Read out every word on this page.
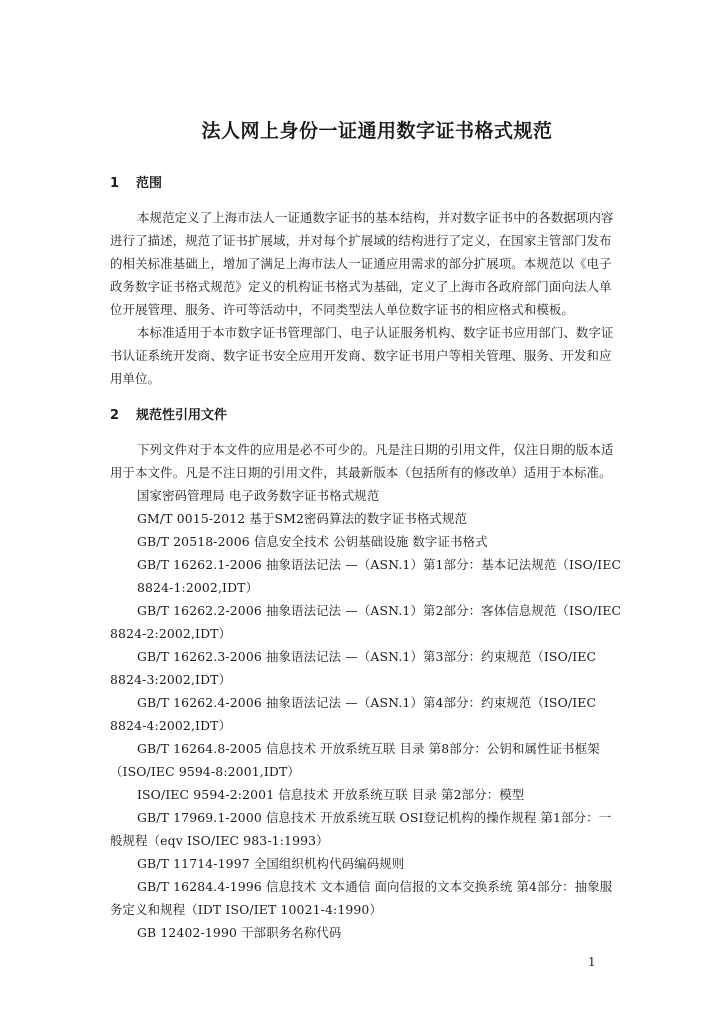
法人网上身份一证通用数字证书格式规范
1 范围
本规范定义了上海市法人一证通数字证书的基本结构，并对数字证书中的各数据项内容
进行了描述，规范了证书扩展域，并对每个扩展域的结构进行了定义，在国家主管部门发布
的相关标准基础上，增加了满足上海市法人一证通应用需求的部分扩展项。本规范以《电子
政务数字证书格式规范》定义的机构证书格式为基础，定义了上海市各政府部门面向法人单
位开展管理、服务、许可等活动中，不同类型法人单位数字证书的相应格式和模板。
本标准适用于本市数字证书管理部门、电子认证服务机构、数字证书应用部门、数字证
书认证系统开发商、数字证书安全应用开发商、数字证书用户等相关管理、服务、开发和应
用单位。
2 规范性引用文件
下列文件对于本文件的应用是必不可少的。凡是注日期的引用文件，仅注日期的版本适
用于本文件。凡是不注日期的引用文件，其最新版本（包括所有的修改单）适用于本标准。
国家密码管理局 电子政务数字证书格式规范
GM/T 0015-2012 基于SM2密码算法的数字证书格式规范
GB/T 20518-2006 信息安全技术 公钥基础设施 数字证书格式
GB/T 16262.1-2006 抽象语法记法 —（ASN.1）第1部分：基本记法规范（ISO/IEC
8824-1:2002,IDT）
GB/T 16262.2-2006 抽象语法记法 —（ASN.1）第2部分：客体信息规范（ISO/IEC
8824-2:2002,IDT）
GB/T 16262.3-2006 抽象语法记法 —（ASN.1）第3部分：约束规范（ISO/IEC
8824-3:2002,IDT）
GB/T 16262.4-2006 抽象语法记法 —（ASN.1）第4部分：约束规范（ISO/IEC
8824-4:2002,IDT）
GB/T 16264.8-2005 信息技术 开放系统互联 目录 第8部分：公钥和属性证书框架
（ISO/IEC 9594-8:2001,IDT）
ISO/IEC 9594-2:2001 信息技术 开放系统互联 目录 第2部分：模型
GB/T 17969.1-2000 信息技术 开放系统互联 OSI登记机构的操作规程 第1部分：一
般规程（eqv ISO/IEC 983-1:1993）
GB/T 11714-1997 全国组织机构代码编码规则
GB/T 16284.4-1996 信息技术 文本通信 面向信报的文本交换系统 第4部分：抽象服
务定义和规程（IDT ISO/IET 10021-4:1990）
GB 12402-1990 干部职务名称代码
1
